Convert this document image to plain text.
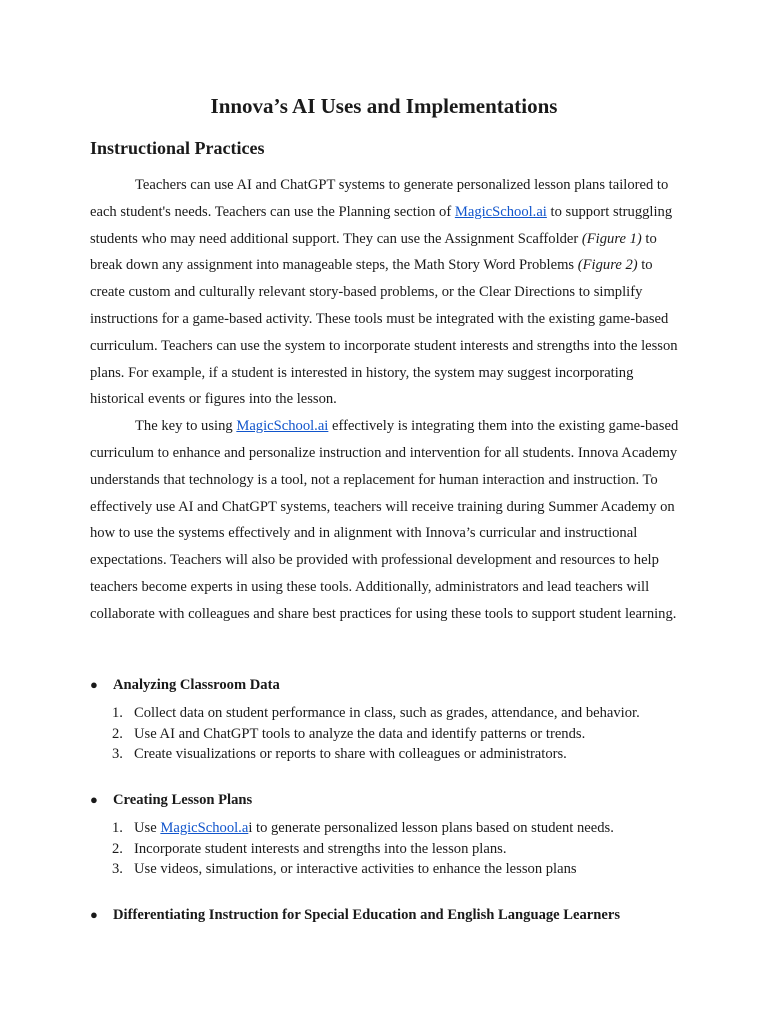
Innova’s AI Uses and Implementations
Instructional Practices

Teachers can use AI and ChatGPT systems to generate personalized lesson plans tailored to each student's needs. Teachers can use the Planning section of MagicSchool.ai to support struggling students who may need additional support. They can use the Assignment Scaffolder (Figure 1) to break down any assignment into manageable steps, the Math Story Word Problems (Figure 2) to create custom and culturally relevant story-based problems, or the Clear Directions to simplify instructions for a game-based activity. These tools must be integrated with the existing game-based curriculum. Teachers can use the system to incorporate student interests and strengths into the lesson plans. For example, if a student is interested in history, the system may suggest incorporating historical events or figures into the lesson.

The key to using MagicSchool.ai effectively is integrating them into the existing game-based curriculum to enhance and personalize instruction and intervention for all students. Innova Academy understands that technology is a tool, not a replacement for human interaction and instruction. To effectively use AI and ChatGPT systems, teachers will receive training during Summer Academy on how to use the systems effectively and in alignment with Innova’s curricular and instructional expectations. Teachers will also be provided with professional development and resources to help teachers become experts in using these tools. Additionally, administrators and lead teachers will collaborate with colleagues and share best practices for using these tools to support student learning.

●	Analyzing Classroom Data
1. Collect data on student performance in class, such as grades, attendance, and behavior.
2. Use AI and ChatGPT tools to analyze the data and identify patterns or trends.
3. Create visualizations or reports to share with colleagues or administrators.
●	Creating Lesson Plans
1. Use MagicSchool.ai to generate personalized lesson plans based on student needs.
2. Incorporate student interests and strengths into the lesson plans.
3. Use videos, simulations, or interactive activities to enhance the lesson plans
●	Differentiating Instruction for Special Education and English Language Learners
